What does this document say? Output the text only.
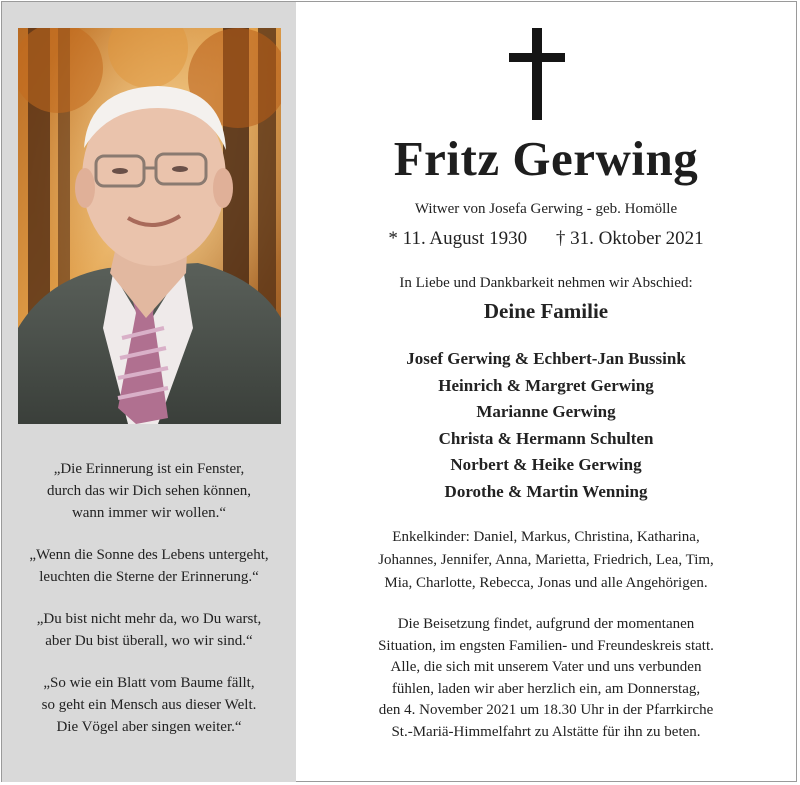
„Die Erinnerung ist ein Fenster,
durch das wir Dich sehen können,
wann immer wir wollen.“
„Wenn die Sonne des Lebens untergeht,
leuchten die Sterne der Erinnerung.“
„Du bist nicht mehr da, wo Du warst,
aber Du bist überall, wo wir sind.“
„So wie ein Blatt vom Baume fällt,
so geht ein Mensch aus dieser Welt.
Die Vögel aber singen weiter.“
Fritz Gerwing
Witwer von Josefa Gerwing - geb. Homölle
* 11. August 1930 † 31. Oktober 2021
In Liebe und Dankbarkeit nehmen wir Abschied:
Deine Familie
Josef Gerwing & Echbert-Jan Bussink
Heinrich & Margret Gerwing
Marianne Gerwing
Christa & Hermann Schulten
Norbert & Heike Gerwing
Dorothe & Martin Wenning
Enkelkinder: Daniel, Markus, Christina, Katharina,
Johannes, Jennifer, Anna, Marietta, Friedrich, Lea, Tim,
Mia, Charlotte, Rebecca, Jonas und alle Angehörigen.
Die Beisetzung findet, aufgrund der momentanen
Situation, im engsten Familien- und Freundeskreis statt.
Alle, die sich mit unserem Vater und uns verbunden
fühlen, laden wir aber herzlich ein, am Donnerstag,
den 4. November 2021 um 18.30 Uhr in der Pfarrkirche
St.-Mariä-Himmelfahrt zu Alstätte für ihn zu beten.
